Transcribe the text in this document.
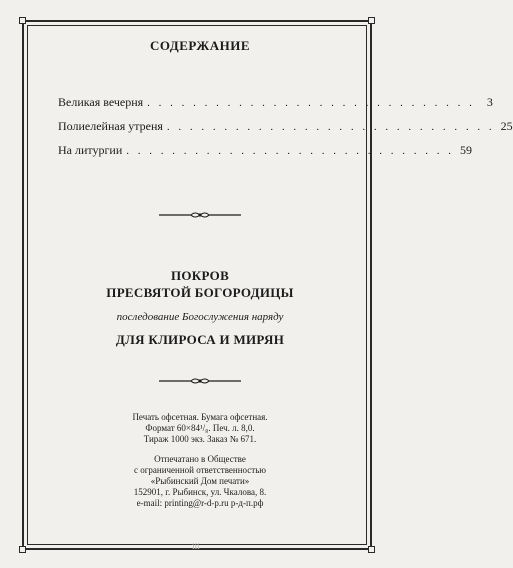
СОДЕРЖАНИЕ
Великая вечерня . . . . . . . . . . . . . . . . . . . . . . . . . . . . .	3
Полиелейная утреня . . . . . . . . . . . . . . . . . . . . . . . . . . . . . 25
На литургии . . . . . . . . . . . . . . . . . . . . . . . . . . . . . 59
ПОКРОВ
ПРЕСВЯТОЙ БОГОРОДИЦЫ
последование Богослужения наряду
ДЛЯ КЛИРОСА И МИРЯН
Печать офсетная. Бумага офсетная.
Формат 60×84¹/₈. Печ. л. 8,0.
Тираж 1000 экз. Заказ № 671.
Отпечатано в Обществе
с ограниченной ответственностью
«Рыбинский Дом печати»
152901, г. Рыбинск, ул. Чкалова, 8.
e-mail: printing@r-d-p.ru р-д-п.рф
ⅲ
